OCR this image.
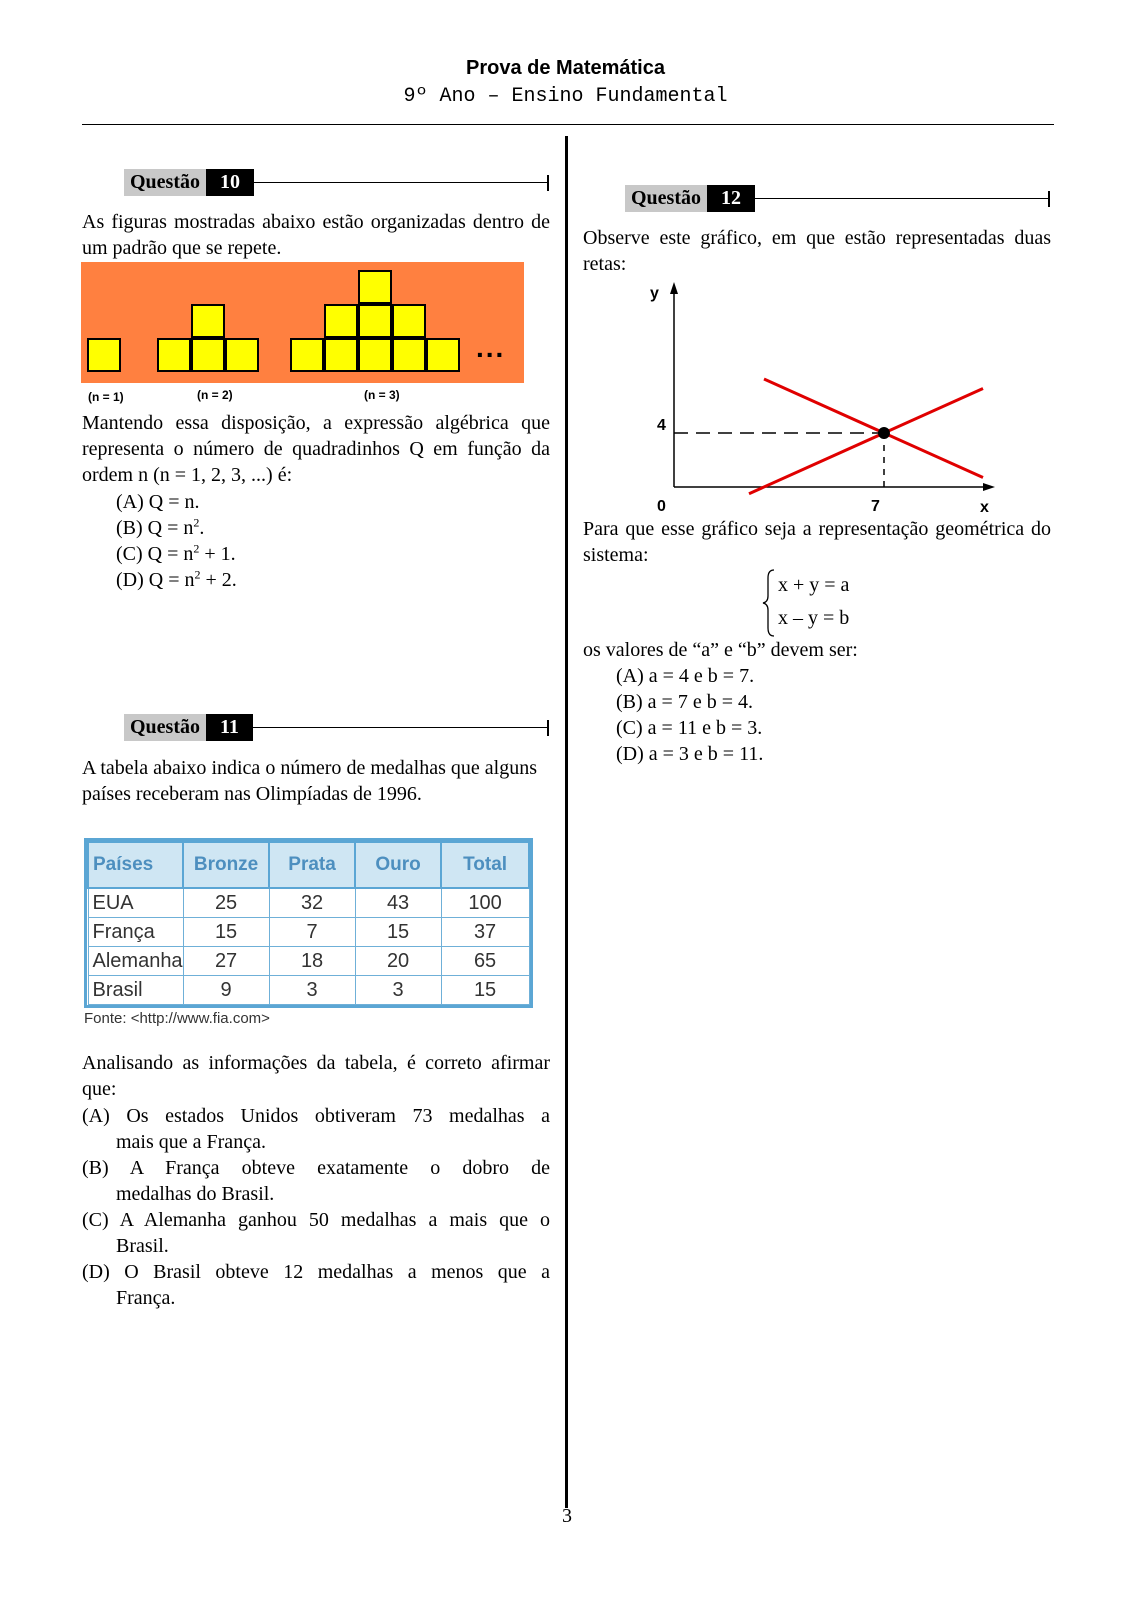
Prova de Matemática
9º Ano – Ensino Fundamental
3
Questão	10
As figuras mostradas abaixo estão organizadas dentro de um padrão que se repete.
...
(n = 1)	(n = 2)	(n = 3)
Mantendo essa disposição, a expressão algébrica que representa o número de quadradinhos Q em função da ordem n (n = 1, 2, 3, ...) é:
(A) Q = n.
(B) $Q = n^2$.
(C) $Q = n^2 + 1$.
(D) $Q = n^2 + 2$.
Questão	11
A tabela abaixo indica o número de medalhas que alguns países receberam nas Olimpíadas de 1996.
Países	Bronze	Prata	Ouro	Total
EUA	25	32	43	100
França	15	7	15	37
Alemanha	27	18	20	65
Brasil	9	3	3	15
Fonte: <http://www.fia.com>
Analisando as informações da tabela, é correto afirmar que:
(A) Os estados Unidos obtiveram 73 medalhas a
mais que a França.
(B) A França obteve exatamente o dobro de
medalhas do Brasil.
(C) A Alemanha ganhou 50 medalhas a mais que o
Brasil.
(D) O Brasil obteve 12 medalhas a menos que a
França.
Questão	12
Observe este gráfico, em que estão representadas duas retas:
y
x
0
4
7
Para que esse gráfico seja a representação geométrica do sistema:
x + y = a
x – y = b
os valores de “a” e “b” devem ser:
(A) a = 4 e b = 7.
(B) a = 7 e b = 4.
(C) a = 11 e b = 3.
(D) a = 3 e b = 11.
